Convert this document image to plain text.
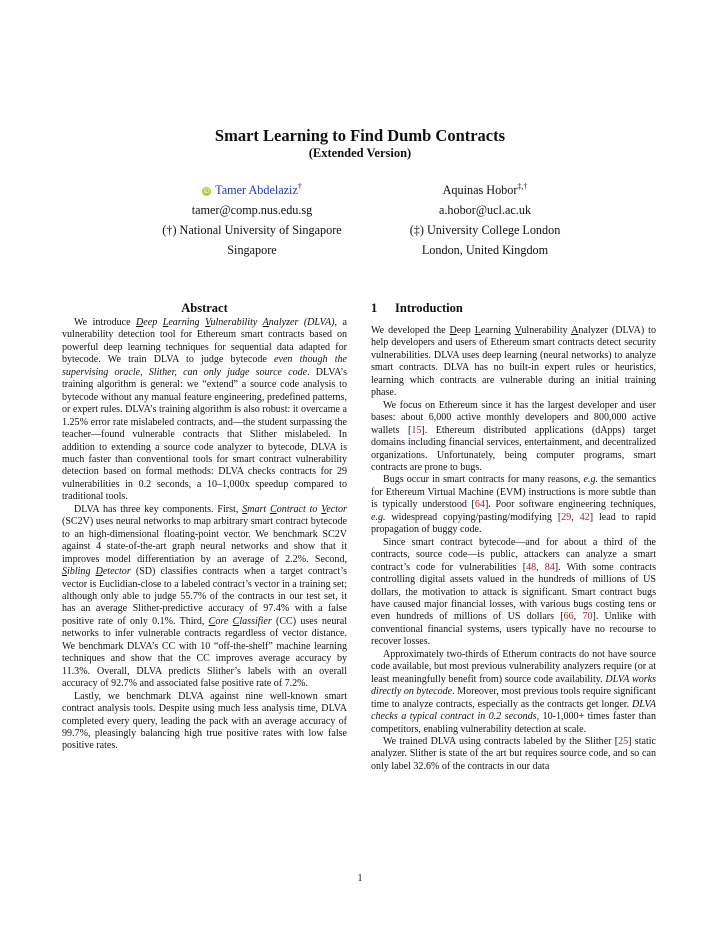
Smart Learning to Find Dumb Contracts
(Extended Version)
iD Tamer Abdelaziz†
tamer@comp.nus.edu.sg
(†) National University of Singapore
Singapore
Aquinas Hobor‡,†
a.hobor@ucl.ac.uk
(‡) University College London
London, United Kingdom
Abstract

We introduce Deep Learning Vulnerability Analyzer (DLVA), a vulnerability detection tool for Ethereum smart contracts based on powerful deep learning techniques for sequential data adapted for bytecode. We train DLVA to judge bytecode even though the supervising oracle, Slither, can only judge source code. DLVA’s training algorithm is general: we “extend” a source code analysis to bytecode without any manual feature engineering, predefined patterns, or expert rules. DLVA’s training algorithm is also robust: it overcame a 1.25% error rate mislabeled contracts, and—the student surpassing the teacher—found vulnerable contracts that Slither mislabeled. In addition to extending a source code analyzer to bytecode, DLVA is much faster than conventional tools for smart contract vulnerability detection based on formal methods: DLVA checks contracts for 29 vulnerabilities in 0.2 seconds, a 10–1,000x speedup compared to traditional tools.

DLVA has three key components. First, Smart Contract to Vector (SC2V) uses neural networks to map arbitrary smart contract bytecode to an high-dimensional floating-point vector. We benchmark SC2V against 4 state-of-the-art graph neural networks and show that it improves model differentiation by an average of 2.2%. Second, Sibling Detector (SD) classifies contracts when a target contract’s vector is Euclidian-close to a labeled contract’s vector in a training set; although only able to judge 55.7% of the contracts in our test set, it has an average Slither-predictive accuracy of 97.4% with a false positive rate of only 0.1%. Third, Core Classifier (CC) uses neural networks to infer vulnerable contracts regardless of vector distance. We benchmark DLVA’s CC with 10 “off-the-shelf” machine learning techniques and show that the CC improves average accuracy by 11.3%. Overall, DLVA predicts Slither’s labels with an overall accuracy of 92.7% and associated false positive rate of 7.2%.

Lastly, we benchmark DLVA against nine well-known smart contract analysis tools. Despite using much less analysis time, DLVA completed every query, leading the pack with an average accuracy of 99.7%, pleasingly balancing high true positive rates with low false positive rates.

1 Introduction

We developed the Deep Learning Vulnerability Analyzer (DLVA) to help developers and users of Ethereum smart contracts detect security vulnerabilities. DLVA uses deep learning (neural networks) to analyze smart contracts. DLVA has no built-in expert rules or heuristics, learning which contracts are vulnerable during an initial training phase.

We focus on Ethereum since it has the largest developer and user bases: about 6,000 active monthly developers and 800,000 active wallets [15]. Ethereum distributed applications (dApps) target domains including financial services, entertainment, and decentralized organizations. Unfortunately, being computer programs, smart contracts are prone to bugs.

Bugs occur in smart contracts for many reasons, e.g. the semantics for Ethereum Virtual Machine (EVM) instructions is more subtle than is typically understood [64]. Poor software engineering techniques, e.g. widespread copying/pasting/modifying [29, 42] lead to rapid propagation of buggy code.

Since smart contract bytecode—and for about a third of the contracts, source code—is public, attackers can analyze a smart contract’s code for vulnerabilities [48, 84]. With some contracts controlling digital assets valued in the hundreds of millions of US dollars, the motivation to attack is significant. Smart contract bugs have caused major financial losses, with various bugs costing tens or even hundreds of millions of US dollars [66, 70]. Unlike with conventional financial systems, users typically have no recourse to recover losses.

Approximately two-thirds of Etherum contracts do not have source code available, but most previous vulnerability analyzers require (or at least meaningfully benefit from) source code availability. DLVA works directly on bytecode. Moreover, most previous tools require significant time to analyze contracts, especially as the contracts get longer. DLVA checks a typical contract in 0.2 seconds, 10-1,000+ times faster than competitors, enabling vulnerability detection at scale.

We trained DLVA using contracts labeled by the Slither [25] static analyzer. Slither is state of the art but requires source code, and so can only label 32.6% of the contracts in our data

1
